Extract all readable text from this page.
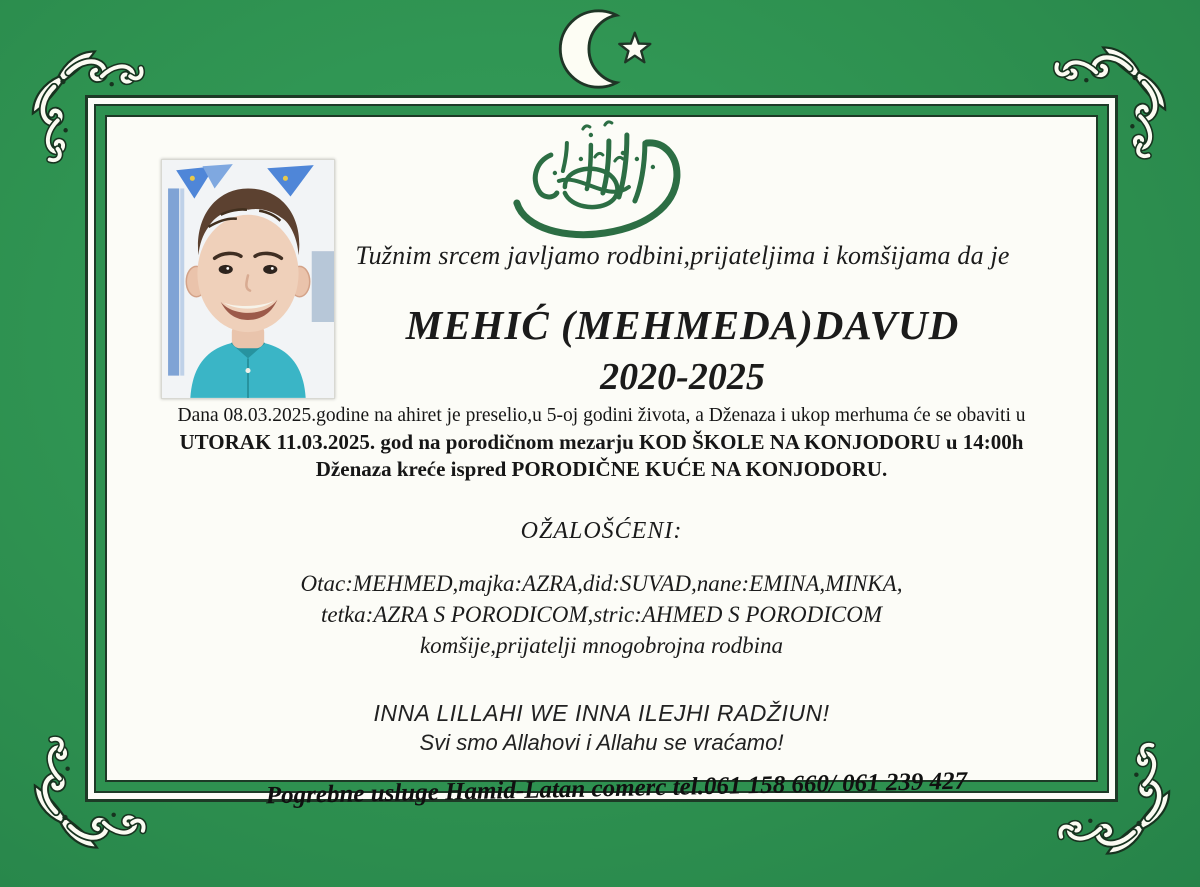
Tužnim srcem javljamo rodbini,prijateljima i komšijama da je
MEHIĆ (MEHMEDA)DAVUD
2020-2025
Dana 08.03.2025.godine na ahiret je preselio,u 5-oj godini života, a Dženaza i ukop merhuma će se obaviti u
UTORAK 11.03.2025. god na porodičnom mezarju KOD ŠKOLE NA KONJODORU u 14:00h
Dženaza kreće ispred PORODIČNE KUĆE NA KONJODORU.
OŽALOŠĆENI:
Otac:MEHMED,majka:AZRA,did:SUVAD,nane:EMINA,MINKA,
tetka:AZRA S PORODICOM,stric:AHMED S PORODICOM
komšije,prijatelji mnogobrojna rodbina
INNA LILLAHI WE INNA ILEJHI RADŽIUN!
Svi smo Allahovi i Allahu se vraćamo!
Pogrebne usluge Hamid-Latan comerc tel.061 158 660/ 061 239 427
